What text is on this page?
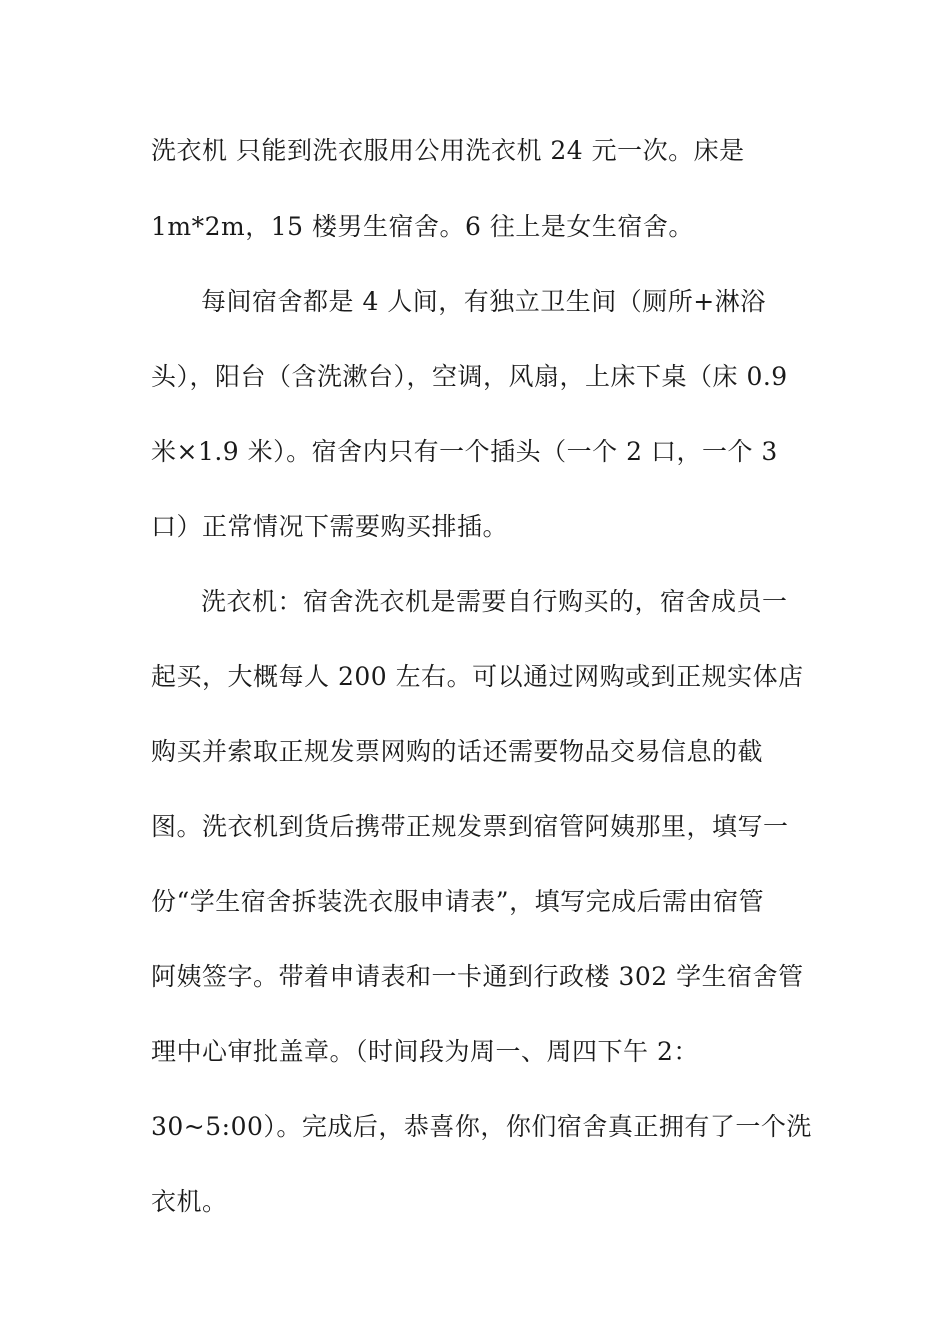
洗衣机 只能到洗衣服用公用洗衣机 24 元一次。床是
1m*2m，15 楼男生宿舍。6 往上是女生宿舍。
每间宿舍都是 4 人间，有独立卫生间（厕所+淋浴
头），阳台（含洗漱台），空调，风扇，上床下桌（床 0.9
米×1.9 米）。宿舍内只有一个插头（一个 2 口，一个 3
口）正常情况下需要购买排插。
洗衣机：宿舍洗衣机是需要自行购买的，宿舍成员一
起买，大概每人 200 左右。可以通过网购或到正规实体店
购买并索取正规发票网购的话还需要物品交易信息的截
图。洗衣机到货后携带正规发票到宿管阿姨那里，填写一
份“学生宿舍拆装洗衣服申请表”，填写完成后需由宿管
阿姨签字。带着申请表和一卡通到行政楼 302 学生宿舍管
理中心审批盖章。（时间段为周一、周四下午 2：
30~5:00）。完成后，恭喜你，你们宿舍真正拥有了一个洗
衣机。
